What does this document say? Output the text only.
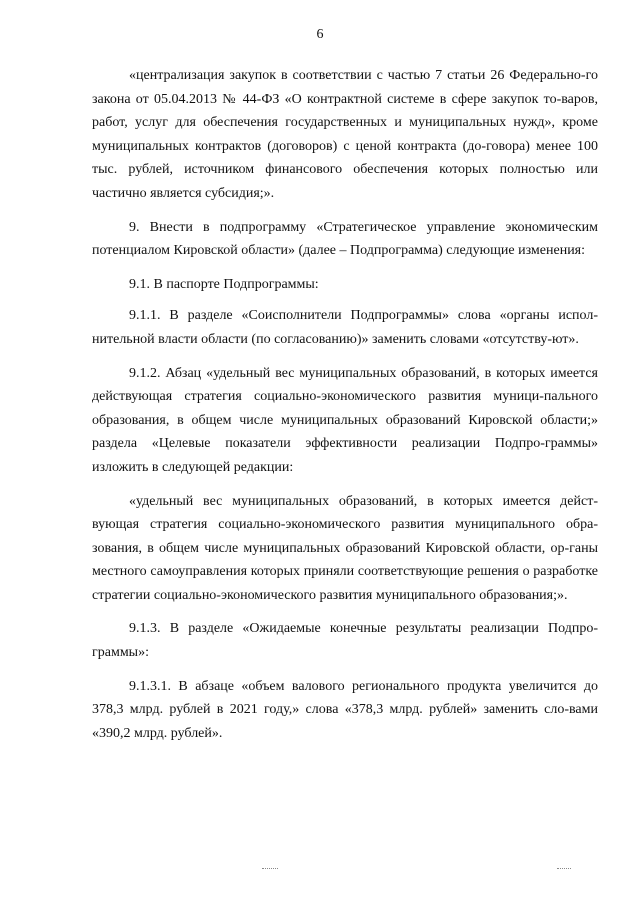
6

«централизация закупок в соответствии с частью 7 статьи 26 Федерально-го закона от 05.04.2013 № 44-ФЗ «О контрактной системе в сфере закупок то-варов, работ, услуг для обеспечения государственных и муниципальных нужд», кроме муниципальных контрактов (договоров) с ценой контракта (до-говора) менее 100 тыс. рублей, источником финансового обеспечения которых полностью или частично является субсидия;».

9. Внести в подпрограмму «Стратегическое управление экономическим потенциалом Кировской области» (далее – Подпрограмма) следующие изменения:

9.1. В паспорте Подпрограммы:

9.1.1. В разделе «Соисполнители Подпрограммы» слова «органы испол-нительной власти области (по согласованию)» заменить словами «отсутству-ют».

9.1.2. Абзац «удельный вес муниципальных образований, в которых имеется действующая стратегия социально-экономического развития муници-пального образования, в общем числе муниципальных образований Кировской области;» раздела «Целевые показатели эффективности реализации Подпро-граммы» изложить в следующей редакции:

«удельный вес муниципальных образований, в которых имеется дейст-вующая стратегия социально-экономического развития муниципального обра-зования, в общем числе муниципальных образований Кировской области, ор-ганы местного самоуправления которых приняли соответствующие решения о разработке стратегии социально-экономического развития муниципального образования;».

9.1.3. В разделе «Ожидаемые конечные результаты реализации Подпро-граммы»:

9.1.3.1. В абзаце «объем валового регионального продукта увеличится до 378,3 млрд. рублей в 2021 году,» слова «378,3 млрд. рублей» заменить сло-вами «390,2 млрд. рублей».
